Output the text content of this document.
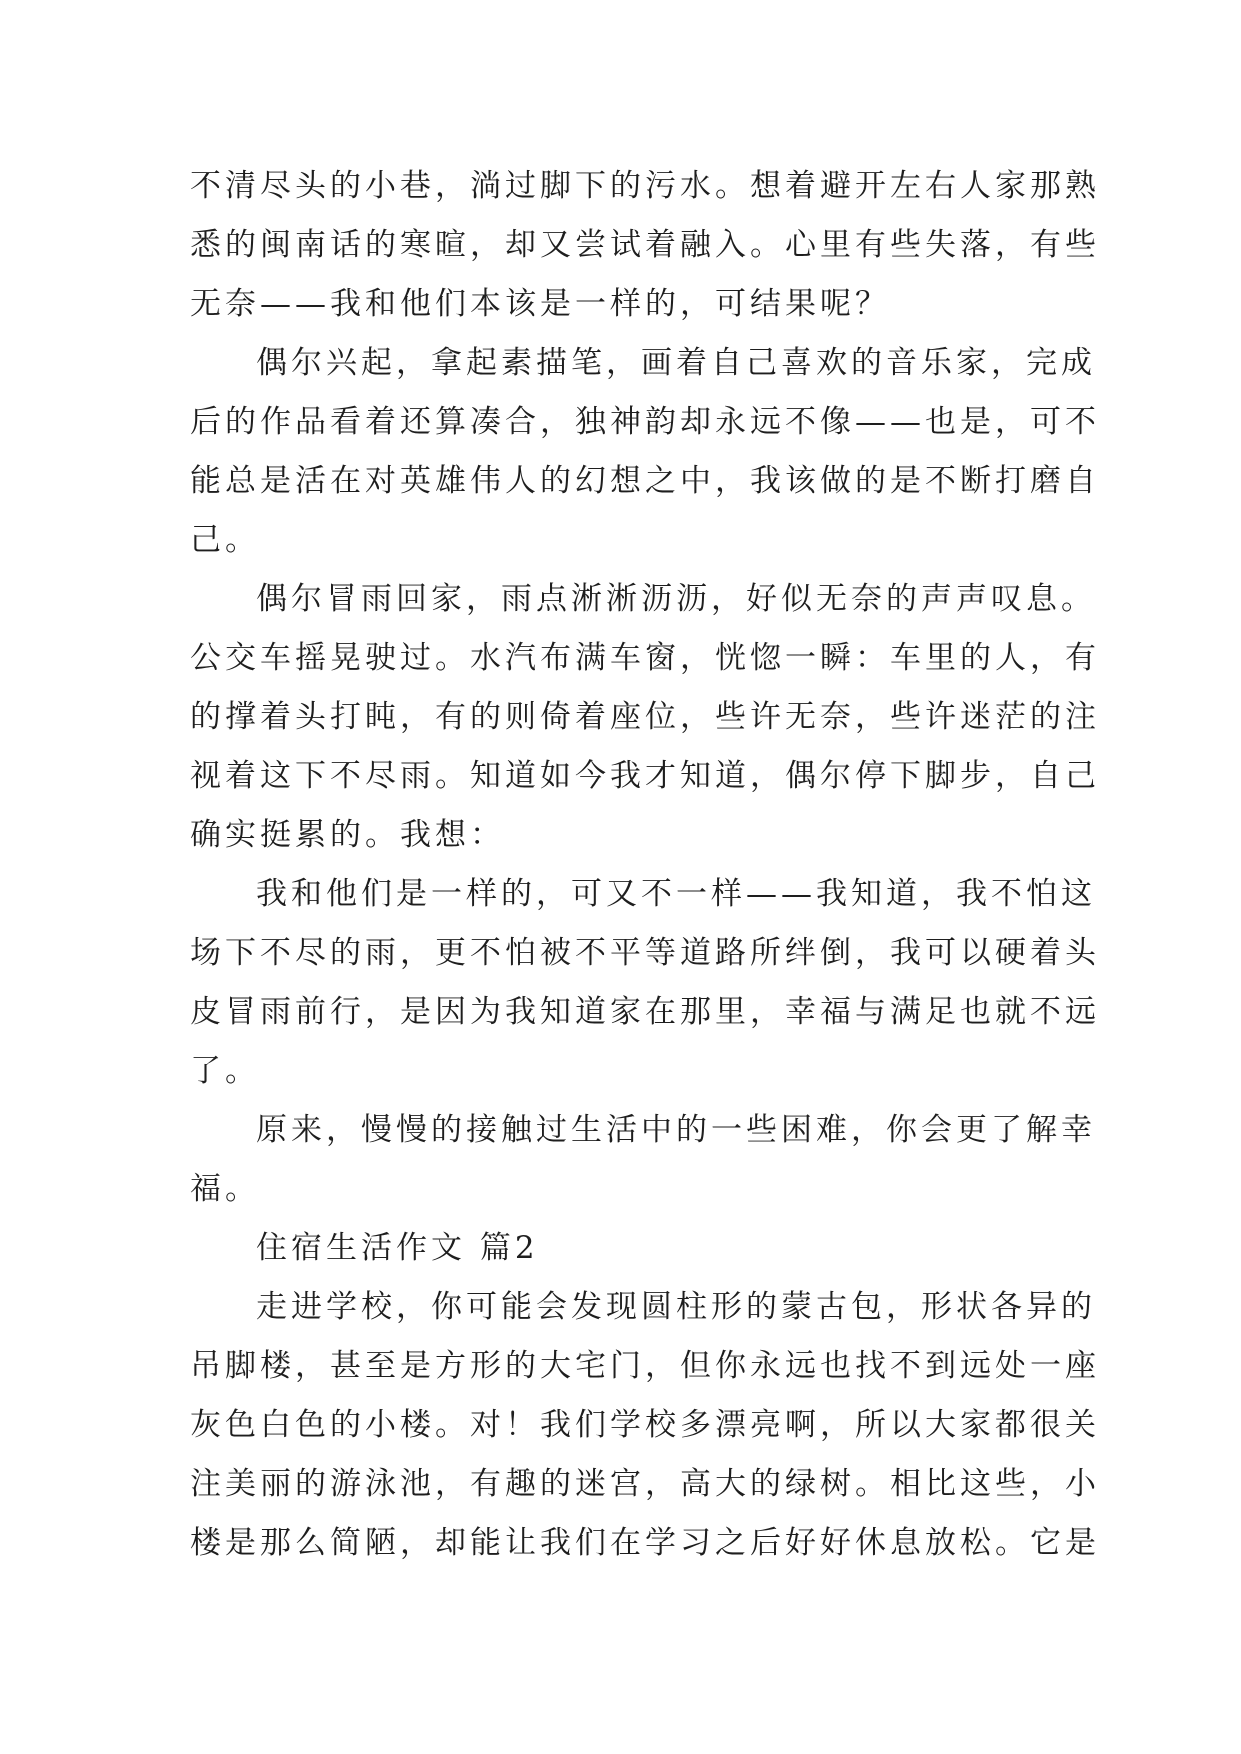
不清尽头的小巷，淌过脚下的污水。想着避开左右人家那熟
悉的闽南话的寒暄，却又尝试着融入。心里有些失落，有些
无奈——我和他们本该是一样的，可结果呢？
偶尔兴起，拿起素描笔，画着自己喜欢的音乐家，完成
后的作品看着还算凑合，独神韵却永远不像——也是，可不
能总是活在对英雄伟人的幻想之中，我该做的是不断打磨自
己。
偶尔冒雨回家，雨点淅淅沥沥，好似无奈的声声叹息。
公交车摇晃驶过。水汽布满车窗，恍惚一瞬：车里的人，有
的撑着头打盹，有的则倚着座位，些许无奈，些许迷茫的注
视着这下不尽雨。知道如今我才知道，偶尔停下脚步，自己
确实挺累的。我想：
我和他们是一样的，可又不一样——我知道，我不怕这
场下不尽的雨，更不怕被不平等道路所绊倒，我可以硬着头
皮冒雨前行，是因为我知道家在那里，幸福与满足也就不远
了。
原来，慢慢的接触过生活中的一些困难，你会更了解幸
福。
住宿生活作文 篇2
走进学校，你可能会发现圆柱形的蒙古包，形状各异的
吊脚楼，甚至是方形的大宅门，但你永远也找不到远处一座
灰色白色的小楼。对！我们学校多漂亮啊，所以大家都很关
注美丽的游泳池，有趣的迷宫，高大的绿树。相比这些，小
楼是那么简陋，却能让我们在学习之后好好休息放松。它是
